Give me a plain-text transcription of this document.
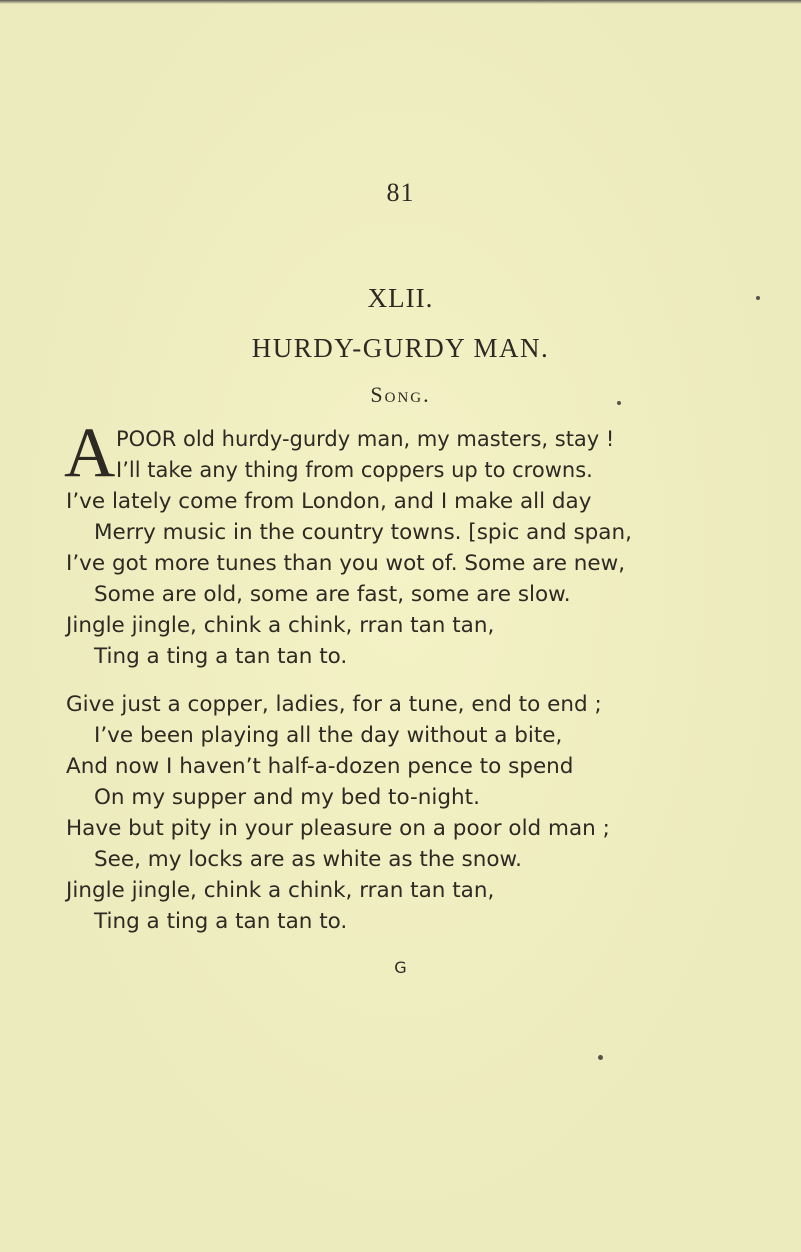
81
XLII.
HURDY-GURDY MAN.
Song.
A POOR old hurdy-gurdy man, my masters, stay !
I’ll take any thing from coppers up to crowns.
I’ve lately come from London, and I make all day
Merry music in the country towns. [spic and span,
I’ve got more tunes than you wot of. Some are new,
Some are old, some are fast, some are slow.
Jingle jingle, chink a chink, rran tan tan,
Ting a ting a tan tan to.
Give just a copper, ladies, for a tune, end to end ;
I’ve been playing all the day without a bite,
And now I haven’t half-a-dozen pence to spend
On my supper and my bed to-night.
Have but pity in your pleasure on a poor old man ;
See, my locks are as white as the snow.
Jingle jingle, chink a chink, rran tan tan,
Ting a ting a tan tan to.
G
